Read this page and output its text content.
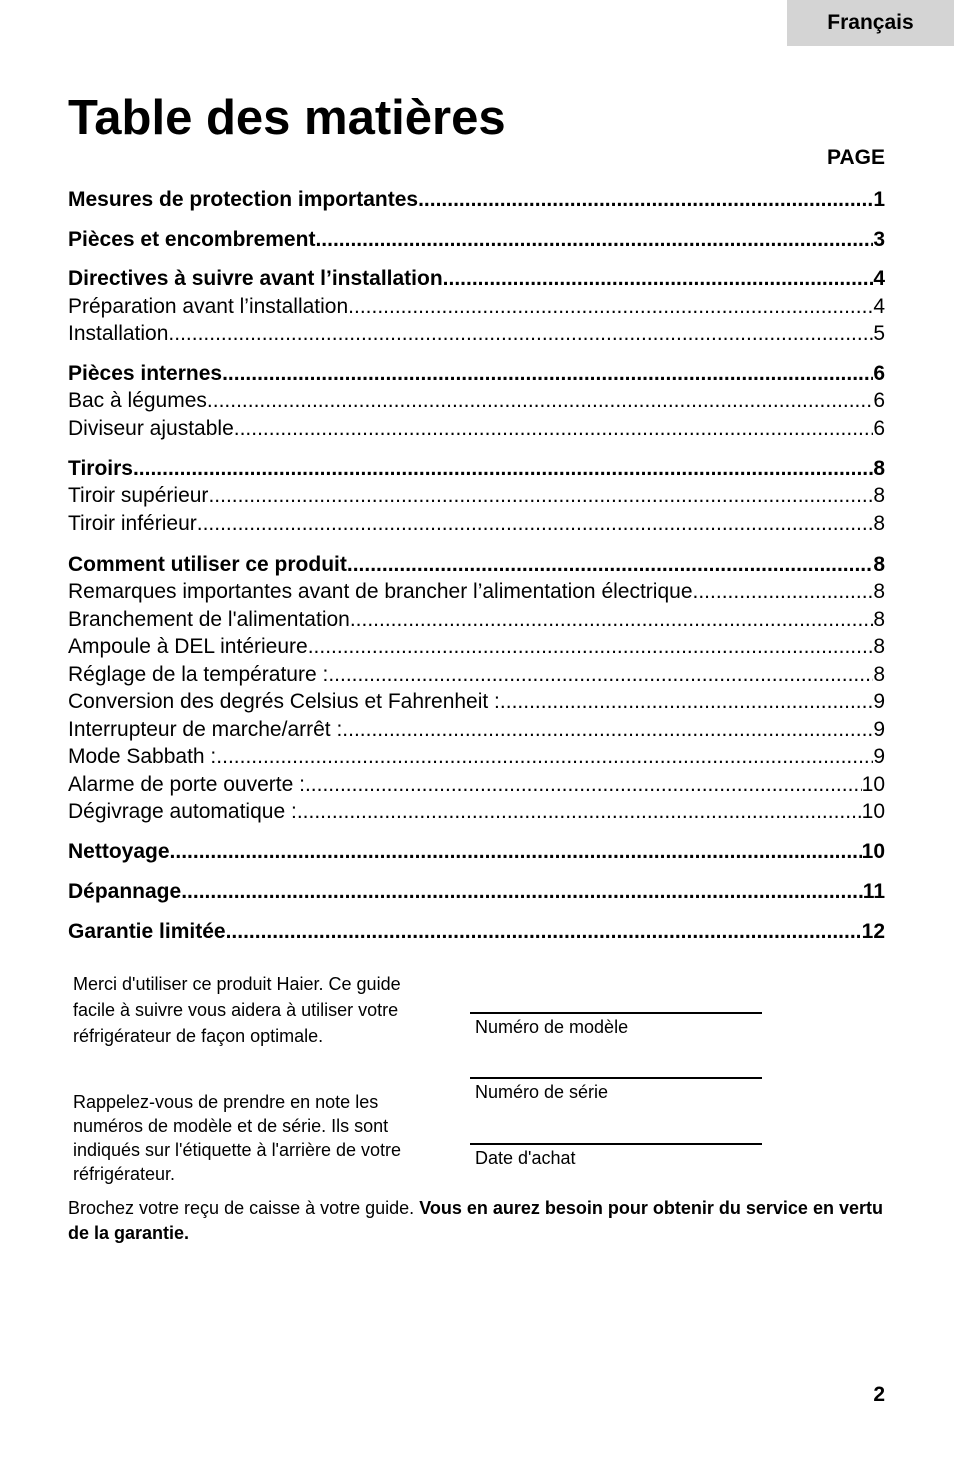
Français
Table des matières
PAGE
Mesures de protection importantes .....	1
Pièces et encombrement .....	3
Directives à suivre avant l’installation .....	4
Préparation avant l’installation .....	4
Installation .....	5
Pièces internes .....	6
Bac à légumes .....	6
Diviseur ajustable .....	6
Tiroirs .....	8
Tiroir supérieur .....	8
Tiroir inférieur .....	8
Comment utiliser ce produit .....	8
Remarques importantes avant de brancher l’alimentation électrique .....	8
Branchement de l'alimentation .....	8
Ampoule à DEL intérieure .....	8
Réglage de la température : .....	8
Conversion des degrés Celsius et Fahrenheit : .....	9
Interrupteur de marche/arrêt : .....	9
Mode Sabbath : .....	9
Alarme de porte ouverte : .....	10
Dégivrage automatique : .....	10
Nettoyage .....	10
Dépannage .....	11
Garantie limitée .....	12

Merci d'utiliser ce produit Haier. Ce guide facile à suivre vous aidera à utiliser votre réfrigérateur de façon optimale.

Rappelez-vous de prendre en note les numéros de modèle et de série. Ils sont indiqués sur l'étiquette à l'arrière de votre réfrigérateur.

Numéro de modèle
Numéro de série
Date d'achat

Brochez votre reçu de caisse à votre guide. Vous en aurez besoin pour obtenir du service en vertu de la garantie.

2
